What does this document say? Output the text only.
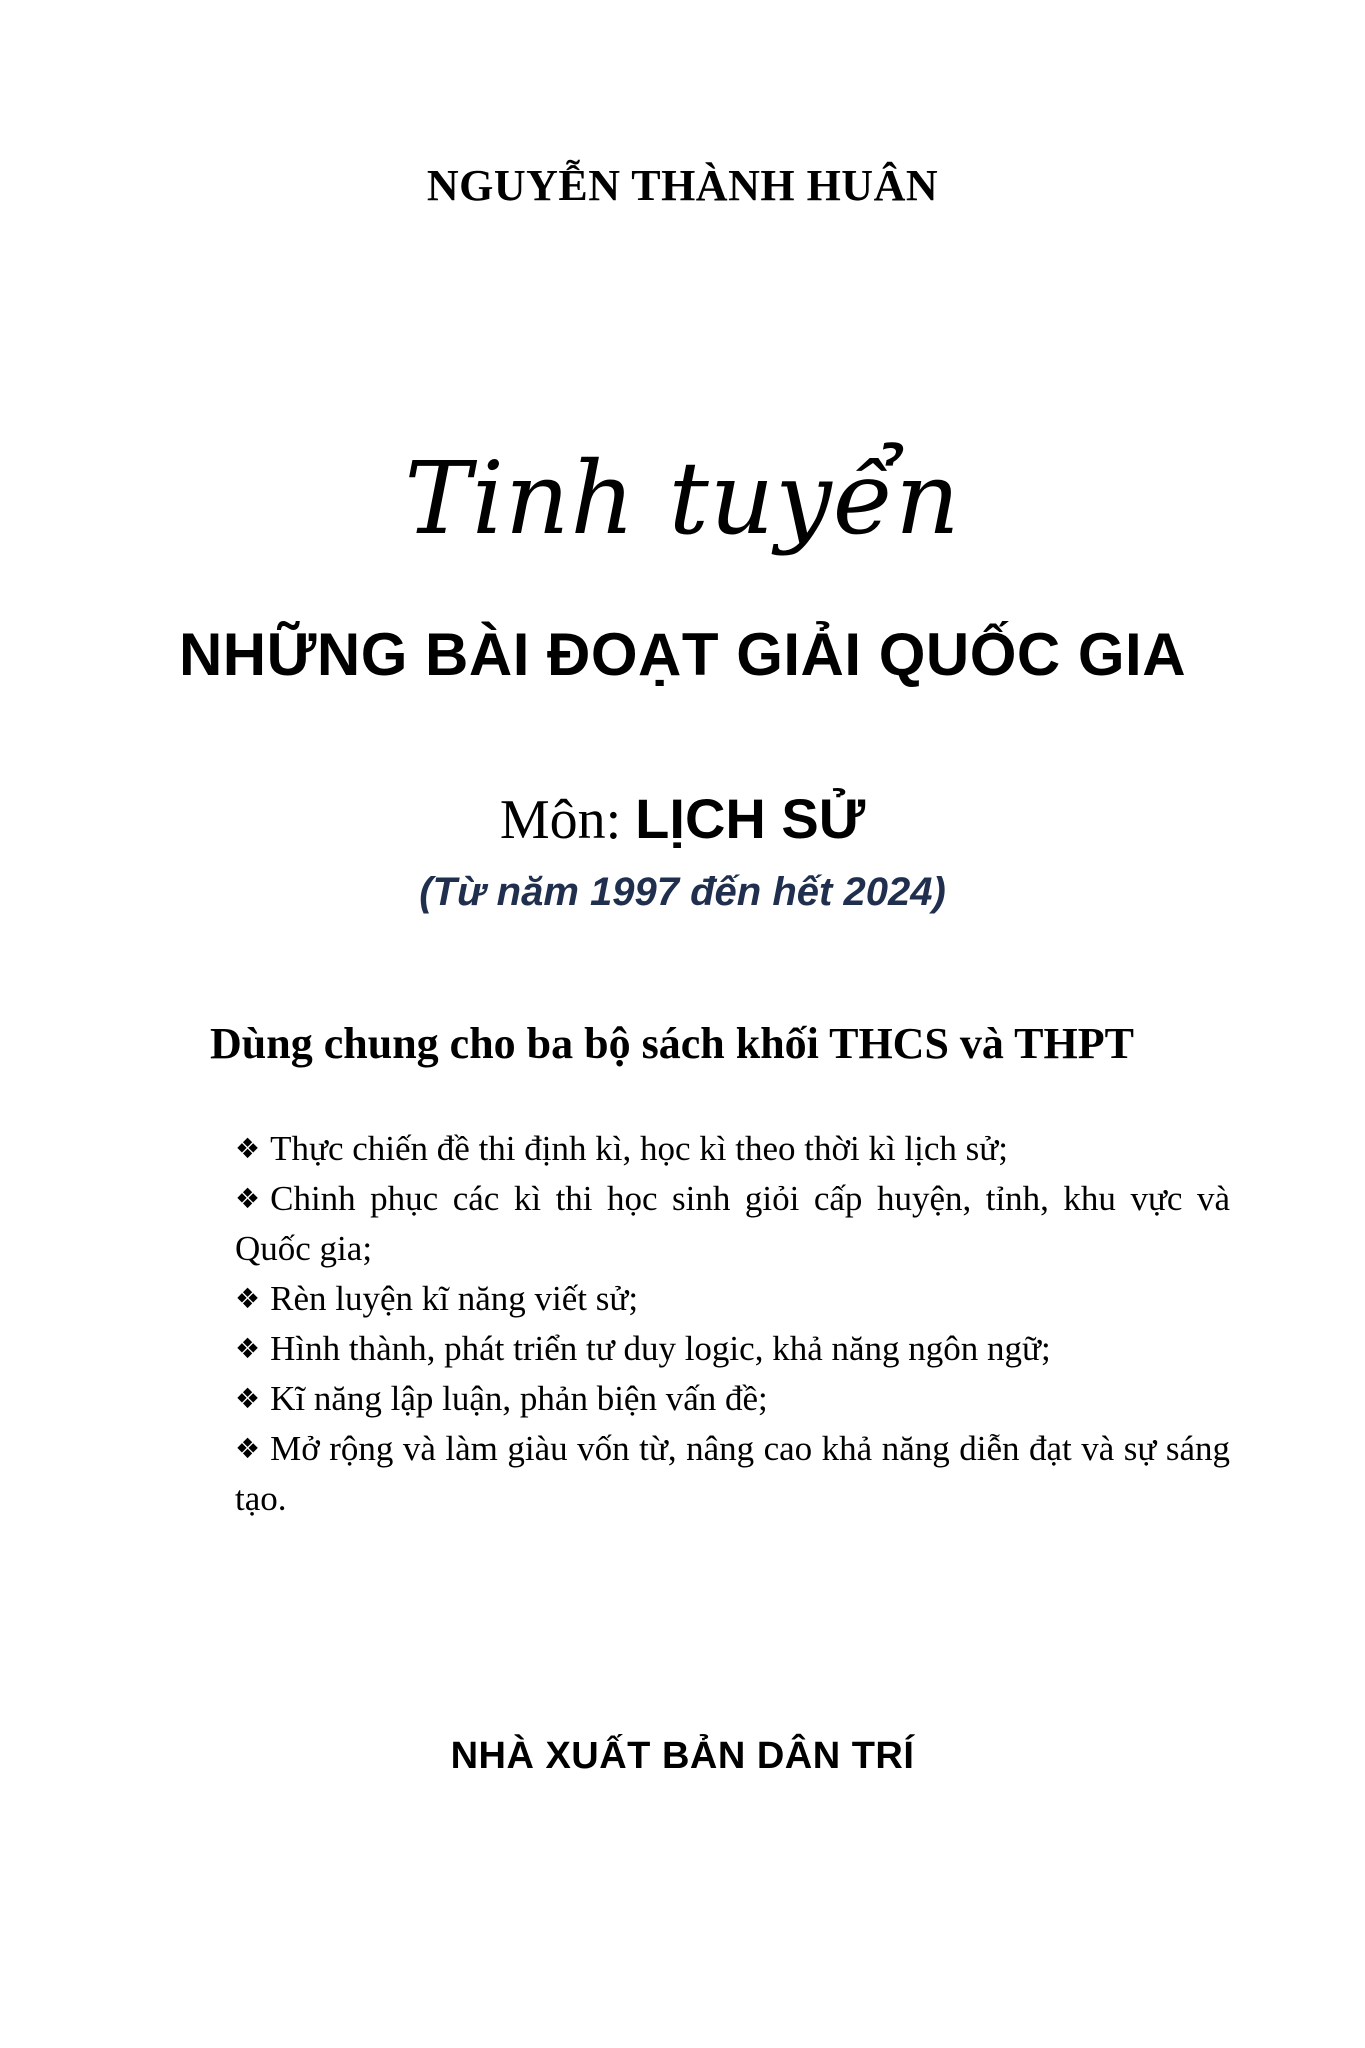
NGUYỄN THÀNH HUÂN
Tinh tuyển
NHỮNG BÀI ĐOẠT GIẢI QUỐC GIA
Môn: LỊCH SỬ
(Từ năm 1997 đến hết 2024)
Dùng chung cho ba bộ sách khối THCS và THPT
❖ Thực chiến đề thi định kì, học kì theo thời kì lịch sử;
❖ Chinh phục các kì thi học sinh giỏi cấp huyện, tỉnh, khu vực và Quốc gia;
❖ Rèn luyện kĩ năng viết sử;
❖ Hình thành, phát triển tư duy logic, khả năng ngôn ngữ;
❖ Kĩ năng lập luận, phản biện vấn đề;
❖ Mở rộng và làm giàu vốn từ, nâng cao khả năng diễn đạt và sự sáng tạo.
NHÀ XUẤT BẢN DÂN TRÍ
